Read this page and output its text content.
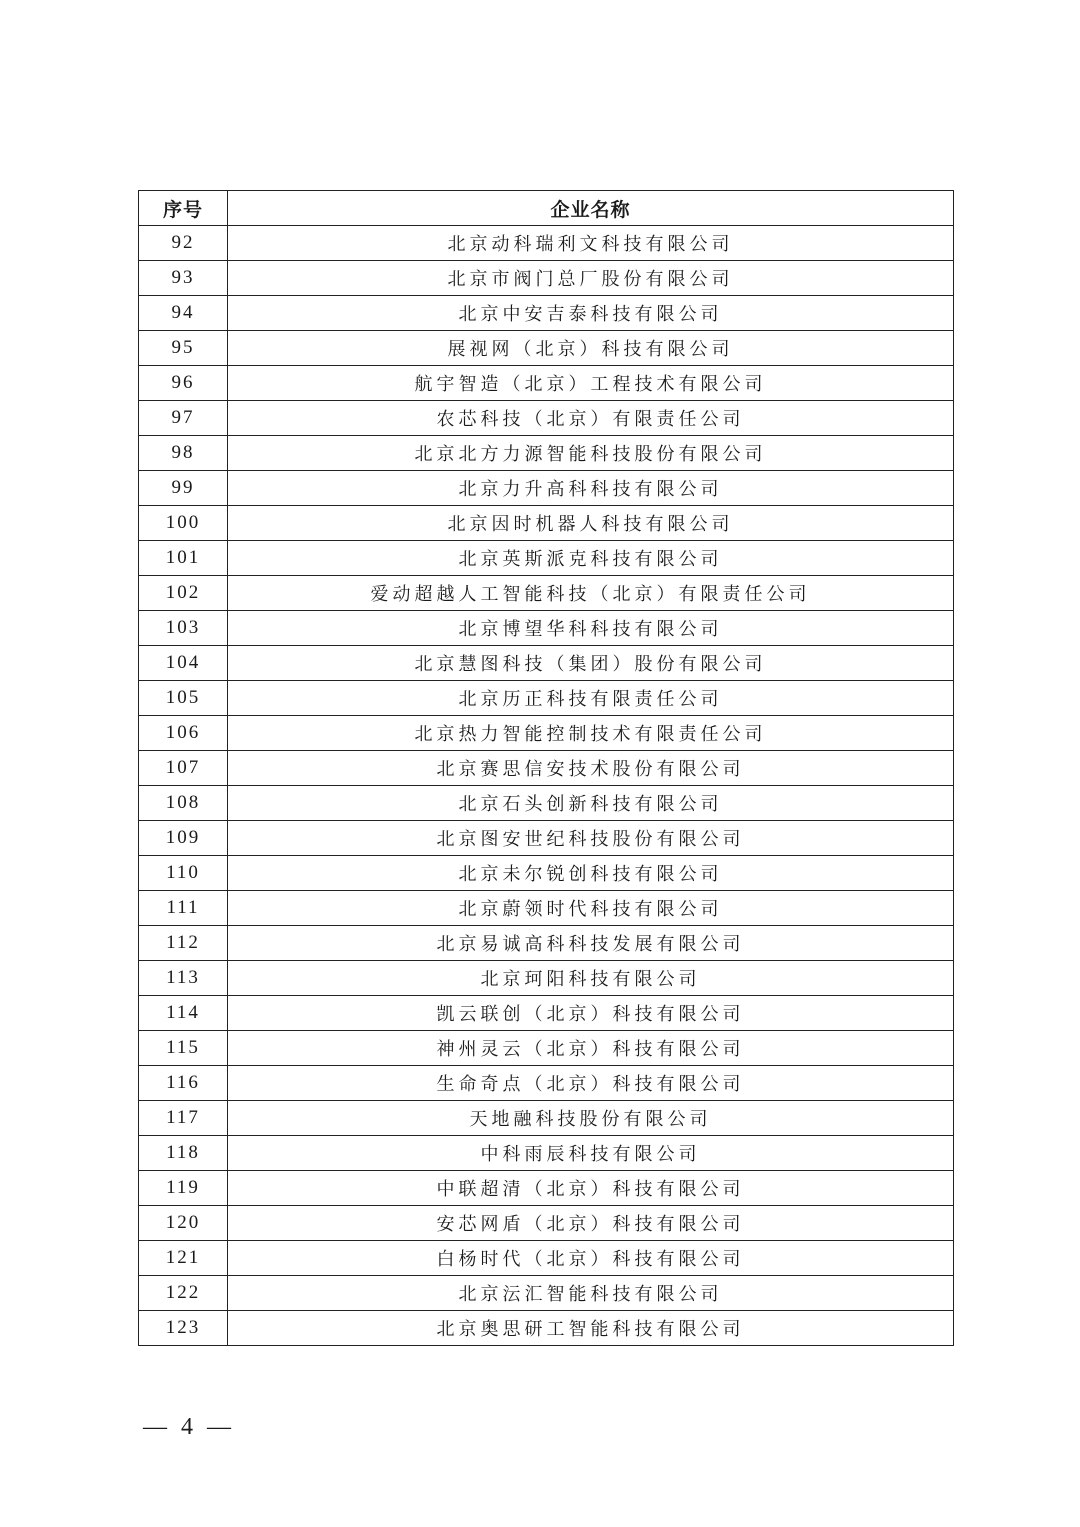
序号	企业名称
92	北京动科瑞利文科技有限公司
93	北京市阀门总厂股份有限公司
94	北京中安吉泰科技有限公司
95	展视网（北京）科技有限公司
96	航宇智造（北京）工程技术有限公司
97	农芯科技（北京）有限责任公司
98	北京北方力源智能科技股份有限公司
99	北京力升高科科技有限公司
100	北京因时机器人科技有限公司
101	北京英斯派克科技有限公司
102	爱动超越人工智能科技（北京）有限责任公司
103	北京博望华科科技有限公司
104	北京慧图科技（集团）股份有限公司
105	北京历正科技有限责任公司
106	北京热力智能控制技术有限责任公司
107	北京赛思信安技术股份有限公司
108	北京石头创新科技有限公司
109	北京图安世纪科技股份有限公司
110	北京未尔锐创科技有限公司
111	北京蔚领时代科技有限公司
112	北京易诚高科科技发展有限公司
113	北京珂阳科技有限公司
114	凯云联创（北京）科技有限公司
115	神州灵云（北京）科技有限公司
116	生命奇点（北京）科技有限公司
117	天地融科技股份有限公司
118	中科雨辰科技有限公司
119	中联超清（北京）科技有限公司
120	安芯网盾（北京）科技有限公司
121	白杨时代（北京）科技有限公司
122	北京沄汇智能科技有限公司
123	北京奥思研工智能科技有限公司
— 4 —
